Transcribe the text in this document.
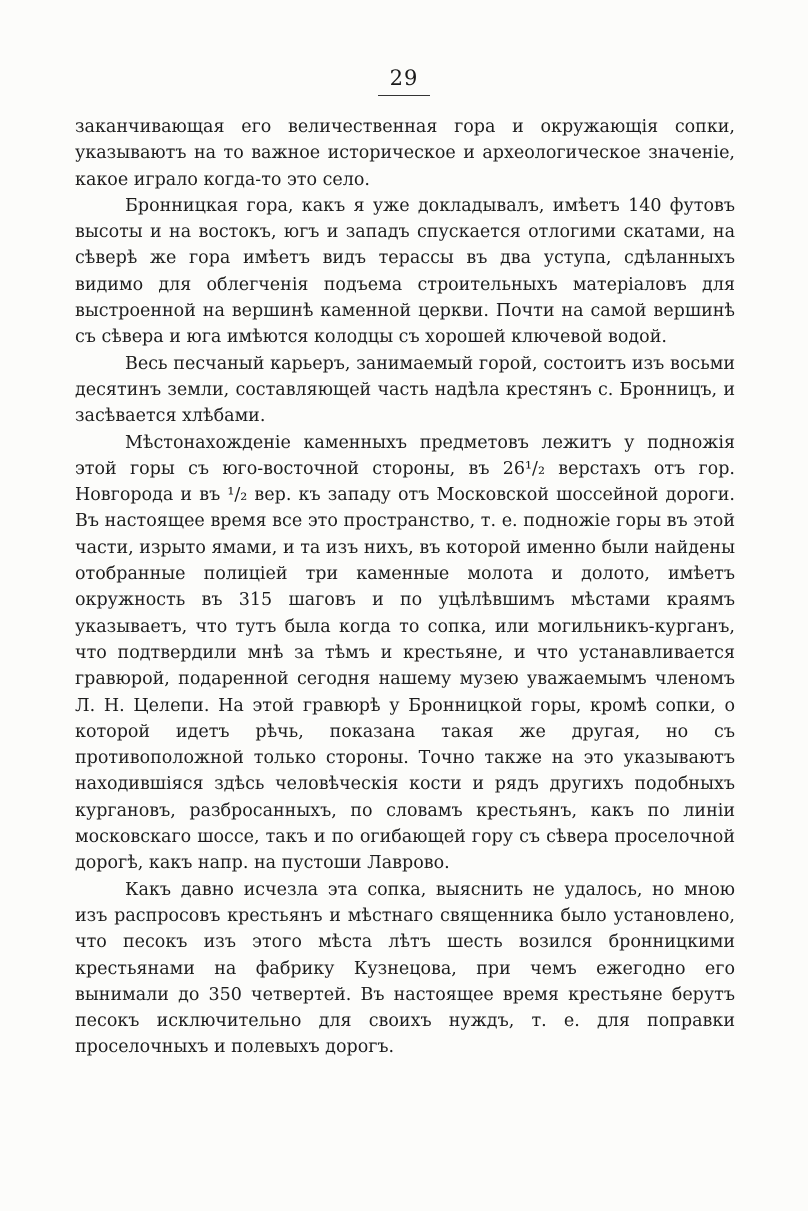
29

заканчивающая его величественная гора и окружающія сопки, указываютъ на то важное историческое и археологическое значеніе, какое играло когда-то это село.

Бронницкая гора, какъ я уже докладывалъ, имѣетъ 140 футовъ высоты и на востокъ, югъ и западъ спускается отлогими скатами, на сѣверѣ же гора имѣетъ видъ терассы въ два уступа, сдѣланныхъ видимо для облегченія подъема строительныхъ матеріаловъ для выстроенной на вершинѣ каменной церкви. Почти на самой вершинѣ съ сѣвера и юга имѣются колодцы съ хорошей ключевой водой.

Весь песчаный карьеръ, занимаемый горой, состоитъ изъ восьми десятинъ земли, составляющей часть надѣла крестянъ с. Бронницъ, и засѣвается хлѣбами.

Мѣстонахожденіе каменныхъ предметовъ лежитъ у подножія этой горы съ юго-восточной стороны, въ 26¹/₂ верстахъ отъ гор. Новгорода и въ ¹/₂ вер. къ западу отъ Московской шоссейной дороги. Въ настоящее время все это пространство, т. е. подножіе горы въ этой части, изрыто ямами, и та изъ нихъ, въ которой именно были найдены отобранные полиціей три каменные молота и долото, имѣетъ окружность въ 315 шаговъ и по уцѣлѣвшимъ мѣстами краямъ указываетъ, что тутъ была когда то сопка, или могильникъ-курганъ, что подтвердили мнѣ за тѣмъ и крестьяне, и что устанавливается гравюрой, подаренной сегодня нашему музею уважаемымъ членомъ Л. Н. Целепи. На этой гравюрѣ у Бронницкой горы, кромѣ сопки, о которой идетъ рѣчь, показана такая же другая, но съ противоположной только стороны. Точно также на это указываютъ находившіяся здѣсь человѣческія кости и рядъ другихъ подобныхъ кургановъ, разбросанныхъ, по словамъ крестьянъ, какъ по линіи московскаго шоссе, такъ и по огибающей гору съ сѣвера проселочной дорогѣ, какъ напр. на пустоши Лаврово.

Какъ давно исчезла эта сопка, выяснить не удалось, но мною изъ распросовъ крестьянъ и мѣстнаго священника было установлено, что песокъ изъ этого мѣста лѣтъ шесть возился бронницкими крестьянами на фабрику Кузнецова, при чемъ ежегодно его вынимали до 350 четвертей. Въ настоящее время крестьяне берутъ песокъ исключительно для своихъ нуждъ, т. е. для поправки проселочныхъ и полевыхъ дорогъ.
